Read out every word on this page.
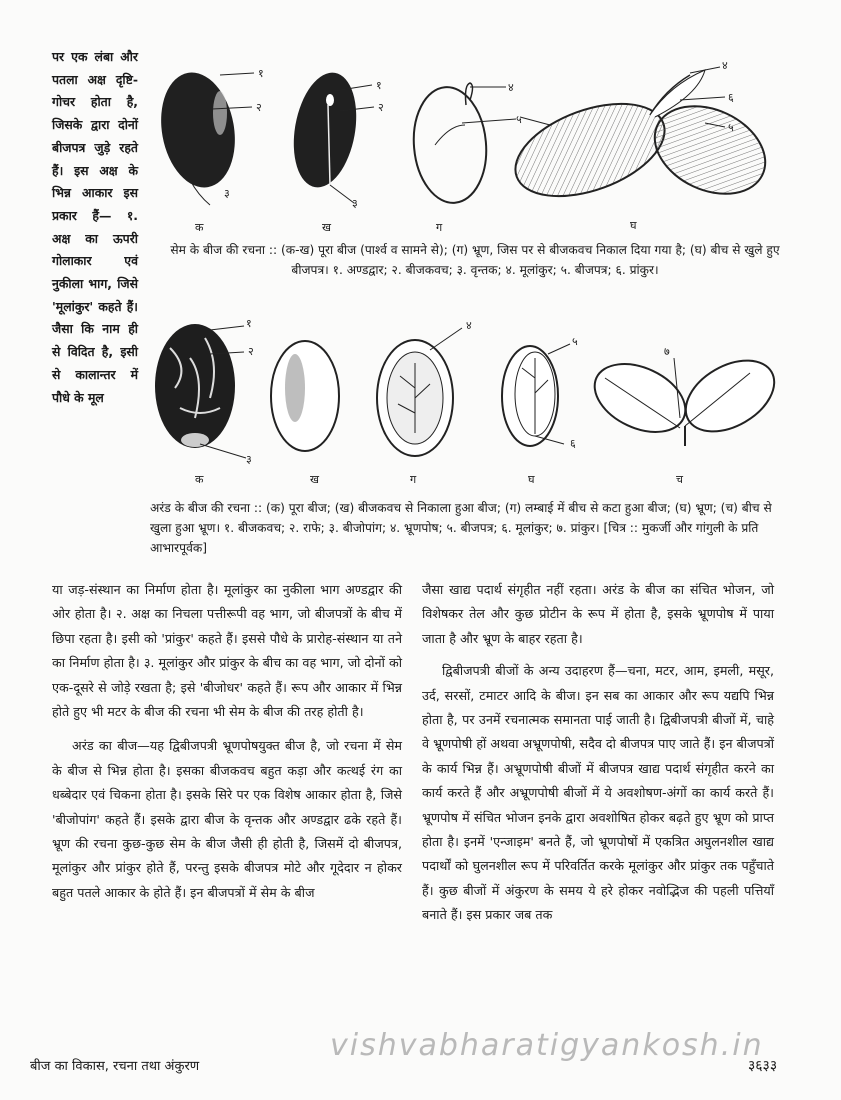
पर एक लंबा और पतला अक्ष दृष्टि-गोचर होता है, जिसके द्वारा दोनों बीजपत्र जुड़े रहते हैं। इस अक्ष के भिन्न आकार इस प्रकार हैं— १. अक्ष का ऊपरी गोलाकार एवं नुकीला भाग, जिसे 'मूलांकुर' कहते हैं। जैसा कि नाम ही से विदित है, इसी से कालान्तर में पौधे के मूल

१
२
३
१
२
३
४
५
४
६
५
क	ख	ग	घ
सेम के बीज की रचना :: (क-ख) पूरा बीज (पार्श्व व सामने से); (ग) भ्रूण, जिस पर से बीजकवच निकाल दिया गया है; (घ) बीच से खुले हुए बीजपत्र। १. अण्डद्वार; २. बीजकवच; ३. वृन्तक; ४. मूलांकुर; ५. बीजपत्र; ६. प्रांकुर।
१
२
३
४
५
६
७
क	ख	ग	घ	च
अरंड के बीज की रचना :: (क) पूरा बीज; (ख) बीजकवच से निकाला हुआ बीज; (ग) लम्बाई में बीच से कटा हुआ बीज; (घ) भ्रूण; (च) बीच से खुला हुआ भ्रूण। १. बीजकवच; २. राफे; ३. बीजोपांग; ४. भ्रूणपोष; ५. बीजपत्र; ६. मूलांकुर; ७. प्रांकुर। [चित्र :: मुकर्जी और गांगुली के प्रति आभारपूर्वक]

या जड़-संस्थान का निर्माण होता है। मूलांकुर का नुकीला भाग अण्डद्वार की ओर होता है। २. अक्ष का निचला पत्तीरूपी वह भाग, जो बीजपत्रों के बीच में छिपा रहता है। इसी को 'प्रांकुर' कहते हैं। इससे पौधे के प्रारोह-संस्थान या तने का निर्माण होता है। ३. मूलांकुर और प्रांकुर के बीच का वह भाग, जो दोनों को एक-दूसरे से जोड़े रखता है; इसे 'बीजोधर' कहते हैं। रूप और आकार में भिन्न होते हुए भी मटर के बीज की रचना भी सेम के बीज की तरह होती है।

अरंड का बीज—यह द्विबीजपत्री भ्रूणपोषयुक्त बीज है, जो रचना में सेम के बीज से भिन्न होता है। इसका बीजकवच बहुत कड़ा और कत्थई रंग का धब्बेदार एवं चिकना होता है। इसके सिरे पर एक विशेष आकार होता है, जिसे 'बीजोपांग' कहते हैं। इसके द्वारा बीज के वृन्तक और अण्डद्वार ढके रहते हैं। भ्रूण की रचना कुछ-कुछ सेम के बीज जैसी ही होती है, जिसमें दो बीजपत्र, मूलांकुर और प्रांकुर होते हैं, परन्तु इसके बीजपत्र मोटे और गूदेदार न होकर बहुत पतले आकार के होते हैं। इन बीजपत्रों में सेम के बीज

जैसा खाद्य पदार्थ संगृहीत नहीं रहता। अरंड के बीज का संचित भोजन, जो विशेषकर तेल और कुछ प्रोटीन के रूप में होता है, इसके भ्रूणपोष में पाया जाता है और भ्रूण के बाहर रहता है।

द्विबीजपत्री बीजों के अन्य उदाहरण हैं—चना, मटर, आम, इमली, मसूर, उर्द, सरसों, टमाटर आदि के बीज। इन सब का आकार और रूप यद्यपि भिन्न होता है, पर उनमें रचनात्मक समानता पाई जाती है। द्विबीजपत्री बीजों में, चाहे वे भ्रूणपोषी हों अथवा अभ्रूणपोषी, सदैव दो बीजपत्र पाए जाते हैं। इन बीजपत्रों के कार्य भिन्न हैं। अभ्रूणपोषी बीजों में बीजपत्र खाद्य पदार्थ संगृहीत करने का कार्य करते हैं और अभ्रूणपोषी बीजों में ये अवशोषण-अंगों का कार्य करते हैं। भ्रूणपोष में संचित भोजन इनके द्वारा अवशोषित होकर बढ़ते हुए भ्रूण को प्राप्त होता है। इनमें 'एन्जाइम' बनते हैं, जो भ्रूणपोषों में एकत्रित अघुलनशील खाद्य पदार्थों को घुलनशील रूप में परिवर्तित करके मूलांकुर और प्रांकुर तक पहुँचाते हैं। कुछ बीजों में अंकुरण के समय ये हरे होकर नवोद्भिज की पहली पत्तियाँ बनाते हैं। इस प्रकार जब तक

बीज का विकास, रचना तथा अंकुरण
vishvabharatigyankosh.in
३६३३
